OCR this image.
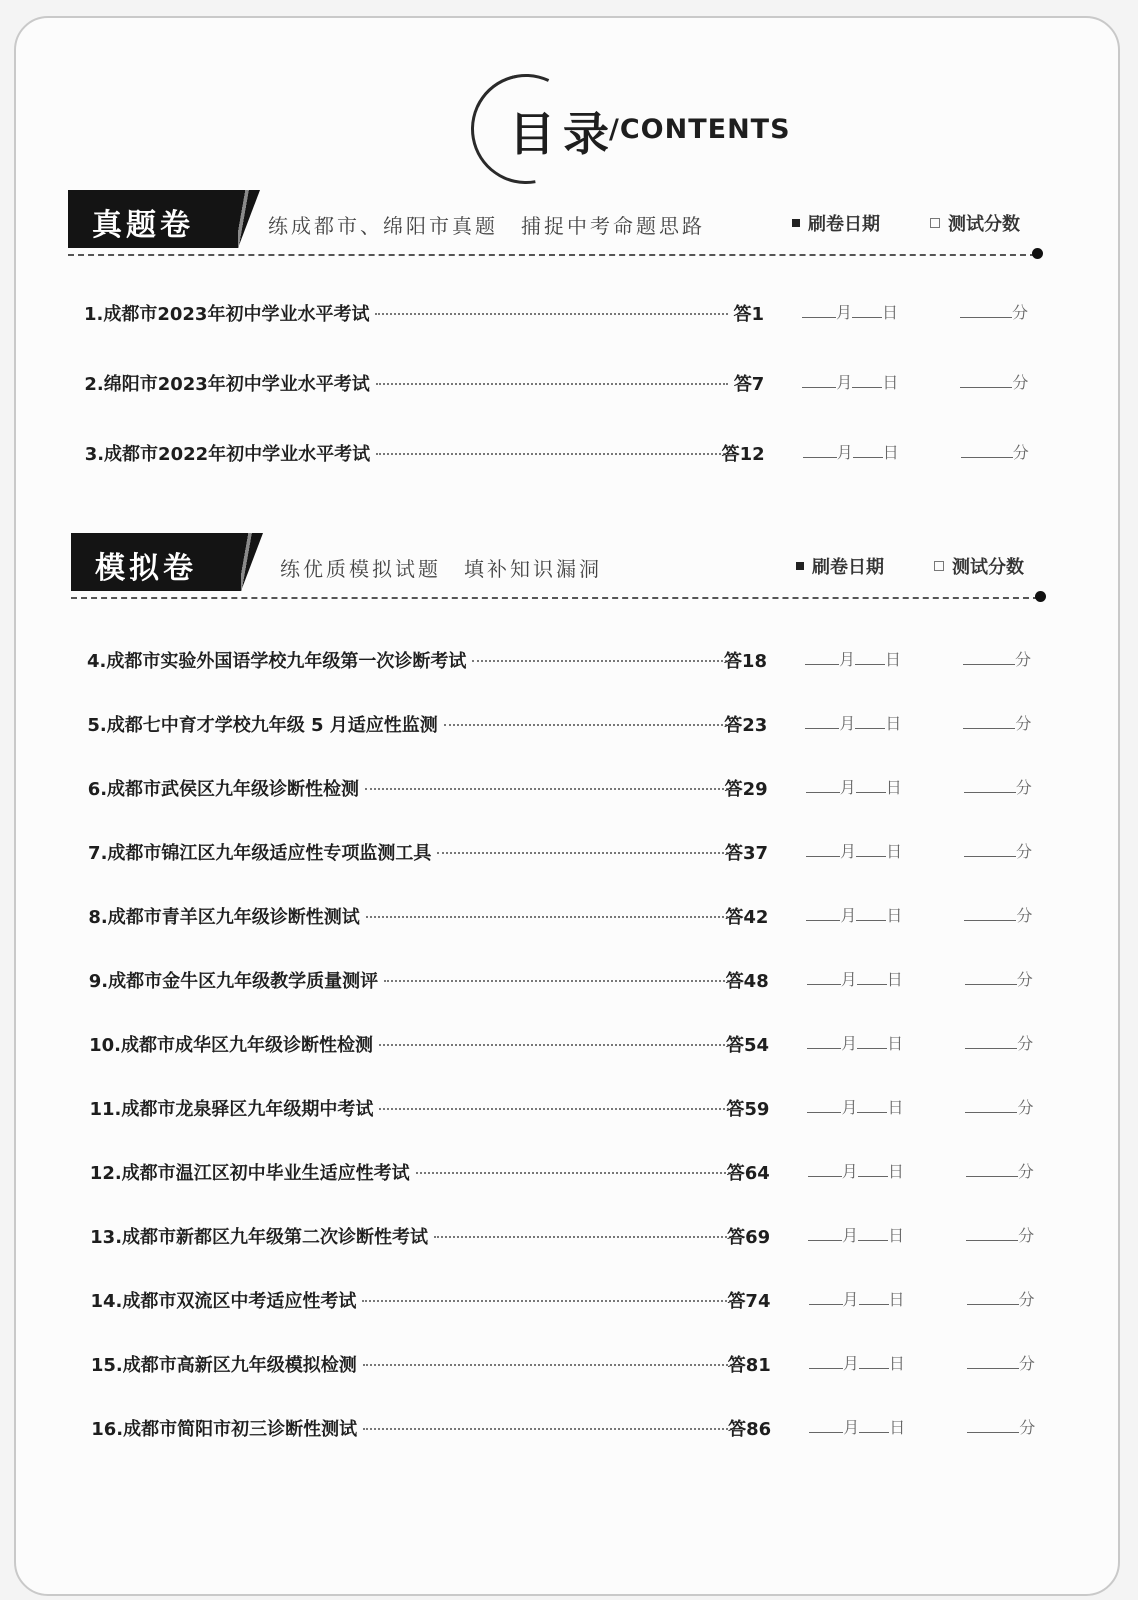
目录
/CONTENTS
真题卷	练成都市、绵阳市真题　捕捉中考命题思路	刷卷日期	测试分数
1.成都市2023年初中学业水平考试	答1	月 日	分
2.绵阳市2023年初中学业水平考试	答7	月 日	分
3.成都市2022年初中学业水平考试	答12	月 日	分
模拟卷	练优质模拟试题　填补知识漏洞	刷卷日期	测试分数
4.成都市实验外国语学校九年级第一次诊断考试	答18	月 日	分
5.成都七中育才学校九年级 5 月适应性监测	答23	月 日	分
6.成都市武侯区九年级诊断性检测	答29	月 日	分
7.成都市锦江区九年级适应性专项监测工具	答37	月 日	分
8.成都市青羊区九年级诊断性测试	答42	月 日	分
9.成都市金牛区九年级教学质量测评	答48	月 日	分
10.成都市成华区九年级诊断性检测	答54	月 日	分
11.成都市龙泉驿区九年级期中考试	答59	月 日	分
12.成都市温江区初中毕业生适应性考试	答64	月 日	分
13.成都市新都区九年级第二次诊断性考试	答69	月 日	分
14.成都市双流区中考适应性考试	答74	月 日	分
15.成都市高新区九年级模拟检测	答81	月 日	分
16.成都市简阳市初三诊断性测试	答86	月 日	分
